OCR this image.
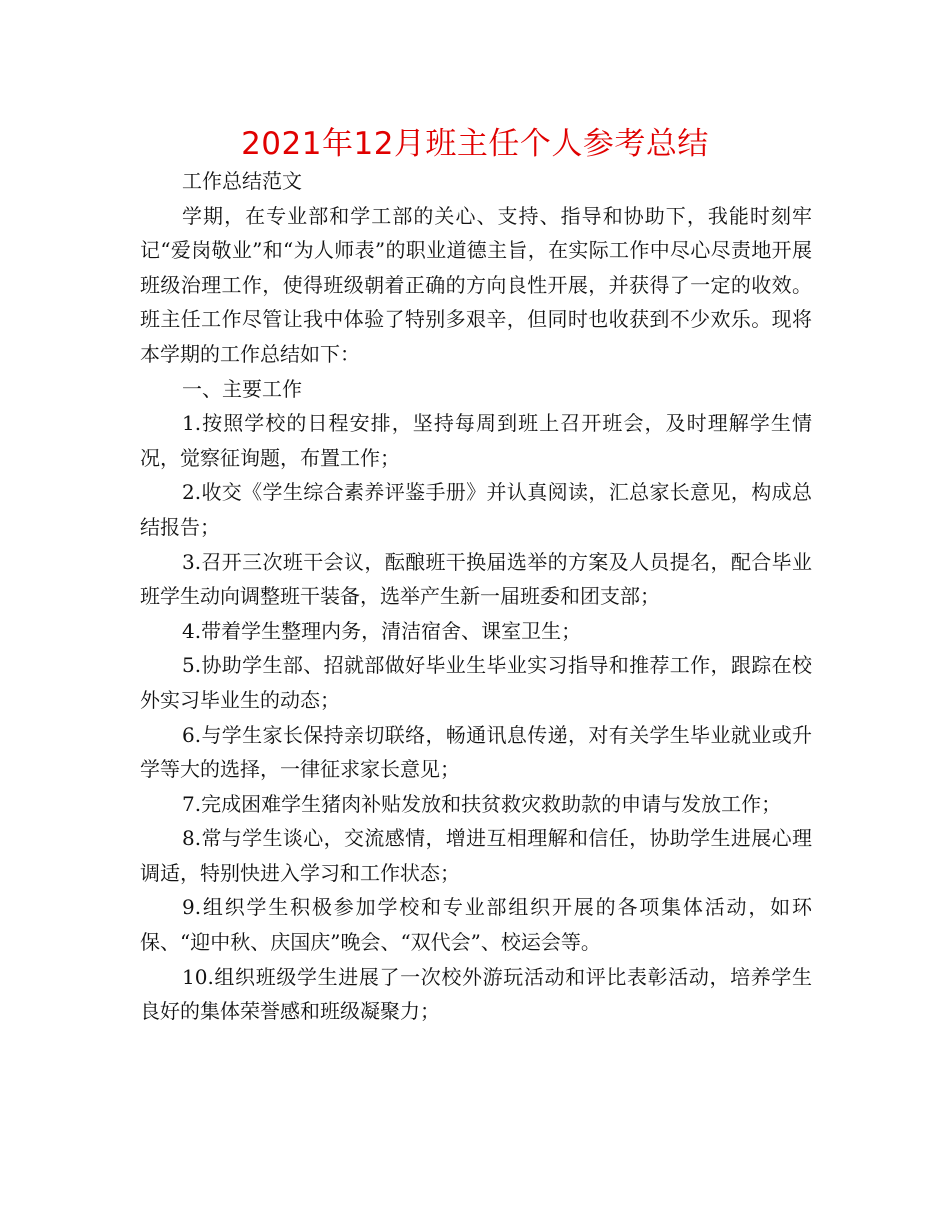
2021年12月班主任个人参考总结

工作总结范文

学期，在专业部和学工部的关心、支持、指导和协助下，我能时刻牢记“爱岗敬业”和“为人师表”的职业道德主旨，在实际工作中尽心尽责地开展班级治理工作，使得班级朝着正确的方向良性开展，并获得了一定的收效。班主任工作尽管让我中体验了特别多艰辛，但同时也收获到不少欢乐。现将本学期的工作总结如下：

一、主要工作

1.按照学校的日程安排，坚持每周到班上召开班会，及时理解学生情况，觉察征询题，布置工作；

2.收交《学生综合素养评鉴手册》并认真阅读，汇总家长意见，构成总结报告；

3.召开三次班干会议，酝酿班干换届选举的方案及人员提名，配合毕业班学生动向调整班干装备，选举产生新一届班委和团支部；

4.带着学生整理内务，清洁宿舍、课室卫生；

5.协助学生部、招就部做好毕业生毕业实习指导和推荐工作，跟踪在校外实习毕业生的动态；

6.与学生家长保持亲切联络，畅通讯息传递，对有关学生毕业就业或升学等大的选择，一律征求家长意见；

7.完成困难学生猪肉补贴发放和扶贫救灾救助款的申请与发放工作；

8.常与学生谈心，交流感情，增进互相理解和信任，协助学生进展心理调适，特别快进入学习和工作状态；

9.组织学生积极参加学校和专业部组织开展的各项集体活动，如环保、“迎中秋、庆国庆”晚会、“双代会”、校运会等。

10.组织班级学生进展了一次校外游玩活动和评比表彰活动，培养学生良好的集体荣誉感和班级凝聚力；
